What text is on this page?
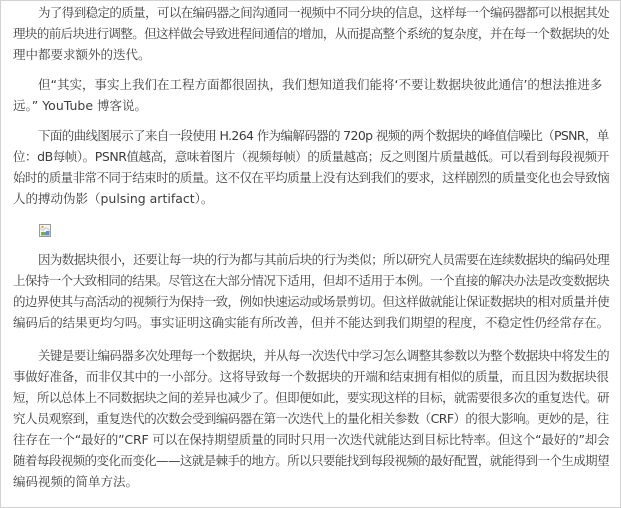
为了得到稳定的质量，可以在编码器之间沟通同一视频中不同分块的信息，这样每一个编码器都可以根据其处
理块的前后块进行调整。但这样做会导致进程间通信的增加，从而提高整个系统的复杂度，并在每一个数据块的处
理中都要求额外的迭代。

但“其实，事实上我们在工程方面都很固执，我们想知道我们能将‘不要让数据块彼此通信’的想法推进多
远。” YouTube 博客说。

下面的曲线图展示了来自一段使用 H.264 作为编解码器的 720p 视频的两个数据块的峰值信噪比（PSNR，单
位：dB每帧）。PSNR值越高，意味着图片（视频每帧）的质量越高；反之则图片质量越低。可以看到每段视频开
始时的质量非常不同于结束时的质量。这不仅在平均质量上没有达到我们的要求，这样剧烈的质量变化也会导致恼
人的搏动伪影（pulsing artifact）。

因为数据块很小，还要让每一块的行为都与其前后块的行为类似；所以研究人员需要在连续数据块的编码处理
上保持一个大致相同的结果。尽管这在大部分情况下适用，但却不适用于本例。一个直接的解决办法是改变数据块
的边界使其与高活动的视频行为保持一致，例如快速运动或场景剪切。但这样做就能让保证数据块的相对质量并使
编码后的结果更均匀吗。事实证明这确实能有所改善，但并不能达到我们期望的程度，不稳定性仍经常存在。

关键是要让编码器多次处理每一个数据块，并从每一次迭代中学习怎么调整其参数以为整个数据块中将发生的
事做好准备，而非仅其中的一小部分。这将导致每一个数据块的开端和结束拥有相似的质量，而且因为数据块很
短，所以总体上不同数据块之间的差异也减少了。但即便如此，要实现这样的目标，就需要很多次的重复迭代。研
究人员观察到，重复迭代的次数会受到编码器在第一次迭代上的量化相关参数（CRF）的很大影响。更妙的是，往
往存在一个“最好的”CRF 可以在保持期望质量的同时只用一次迭代就能达到目标比特率。但这个“最好的”却会
随着每段视频的变化而变化——这就是棘手的地方。所以只要能找到每段视频的最好配置，就能得到一个生成期望
编码视频的简单方法。
